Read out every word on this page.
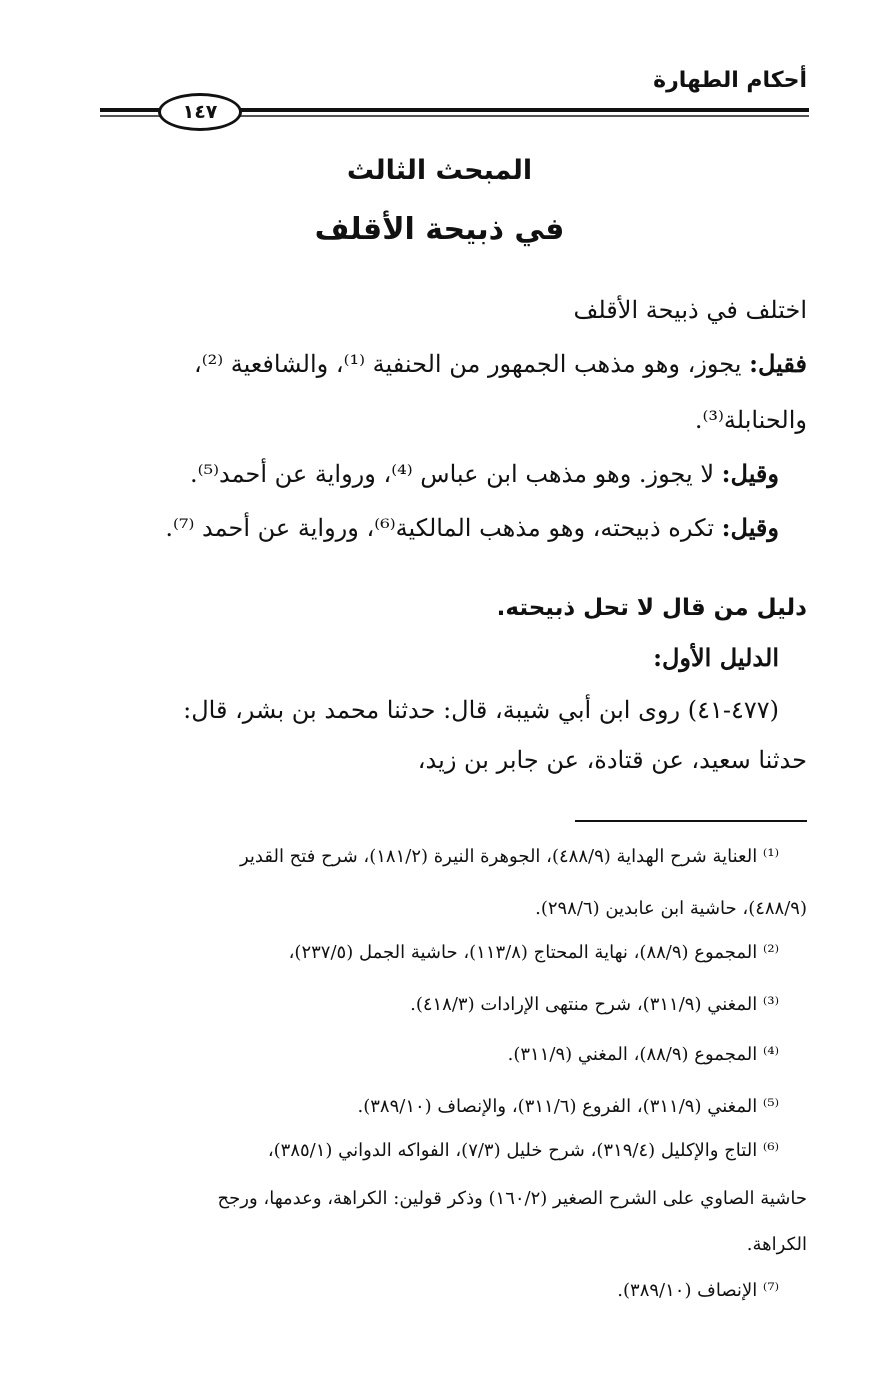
أحكام الطهارة
١٤٧
المبحث الثالث
في ذبيحة الأقلف
اختلف في ذبيحة الأقلف
فقيل: يجوز، وهو مذهب الجمهور من الحنفية ⁽¹⁾، والشافعية ⁽²⁾،
والحنابلة⁽³⁾.
وقيل: لا يجوز. وهو مذهب ابن عباس ⁽⁴⁾، ورواية عن أحمد⁽⁵⁾.
وقيل: تكره ذبيحته، وهو مذهب المالكية⁽⁶⁾، ورواية عن أحمد ⁽⁷⁾.
دليل من قال لا تحل ذبيحته.
الدليل الأول:
(٤٧٧-٤١) روى ابن أبي شيبة، قال: حدثنا محمد بن بشر، قال:
حدثنا سعيد، عن قتادة، عن جابر بن زيد،
⁽¹⁾ العناية شرح الهداية (٤٨٨/٩)، الجوهرة النيرة (١٨١/٢)، شرح فتح القدير
(٤٨٨/٩)، حاشية ابن عابدين (٢٩٨/٦).
⁽²⁾ المجموع (٨٨/٩)، نهاية المحتاج (١١٣/٨)، حاشية الجمل (٢٣٧/٥)،
⁽³⁾ المغني (٣١١/٩)، شرح منتهى الإرادات (٤١٨/٣).
⁽⁴⁾ المجموع (٨٨/٩)، المغني (٣١١/٩).
⁽⁵⁾ المغني (٣١١/٩)، الفروع (٣١١/٦)، والإنصاف (٣٨٩/١٠).
⁽⁶⁾ التاج والإكليل (٣١٩/٤)، شرح خليل (٧/٣)، الفواكه الدواني (٣٨٥/١)،
حاشية الصاوي على الشرح الصغير (١٦٠/٢) وذكر قولين: الكراهة، وعدمها، ورجح
الكراهة.
⁽⁷⁾ الإنصاف (٣٨٩/١٠).
